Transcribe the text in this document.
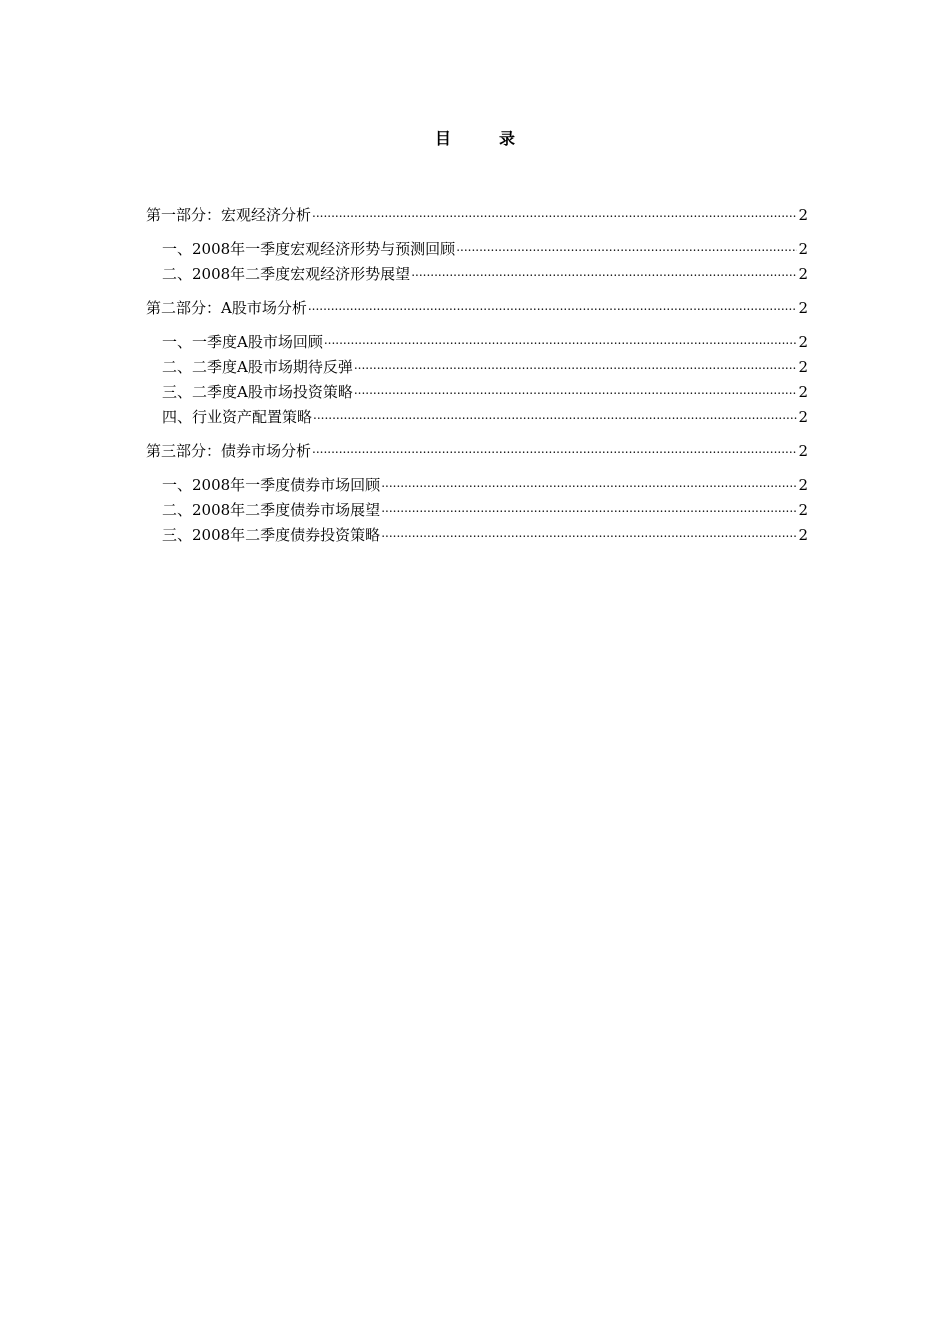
目	录
第一部分：宏观经济分析 .....	2
一、2008年一季度宏观经济形势与预测回顾 .....	2
二、2008年二季度宏观经济形势展望 .....	2
第二部分：A股市场分析 .....	2
一、一季度A股市场回顾 .....	2
二、二季度A股市场期待反弹 .....	2
三、二季度A股市场投资策略 .....	2
四、行业资产配置策略 .....	2
第三部分：债券市场分析 .....	2
一、2008年一季度债券市场回顾 .....	2
二、2008年二季度债券市场展望 .....	2
三、2008年二季度债券投资策略 .....	2
